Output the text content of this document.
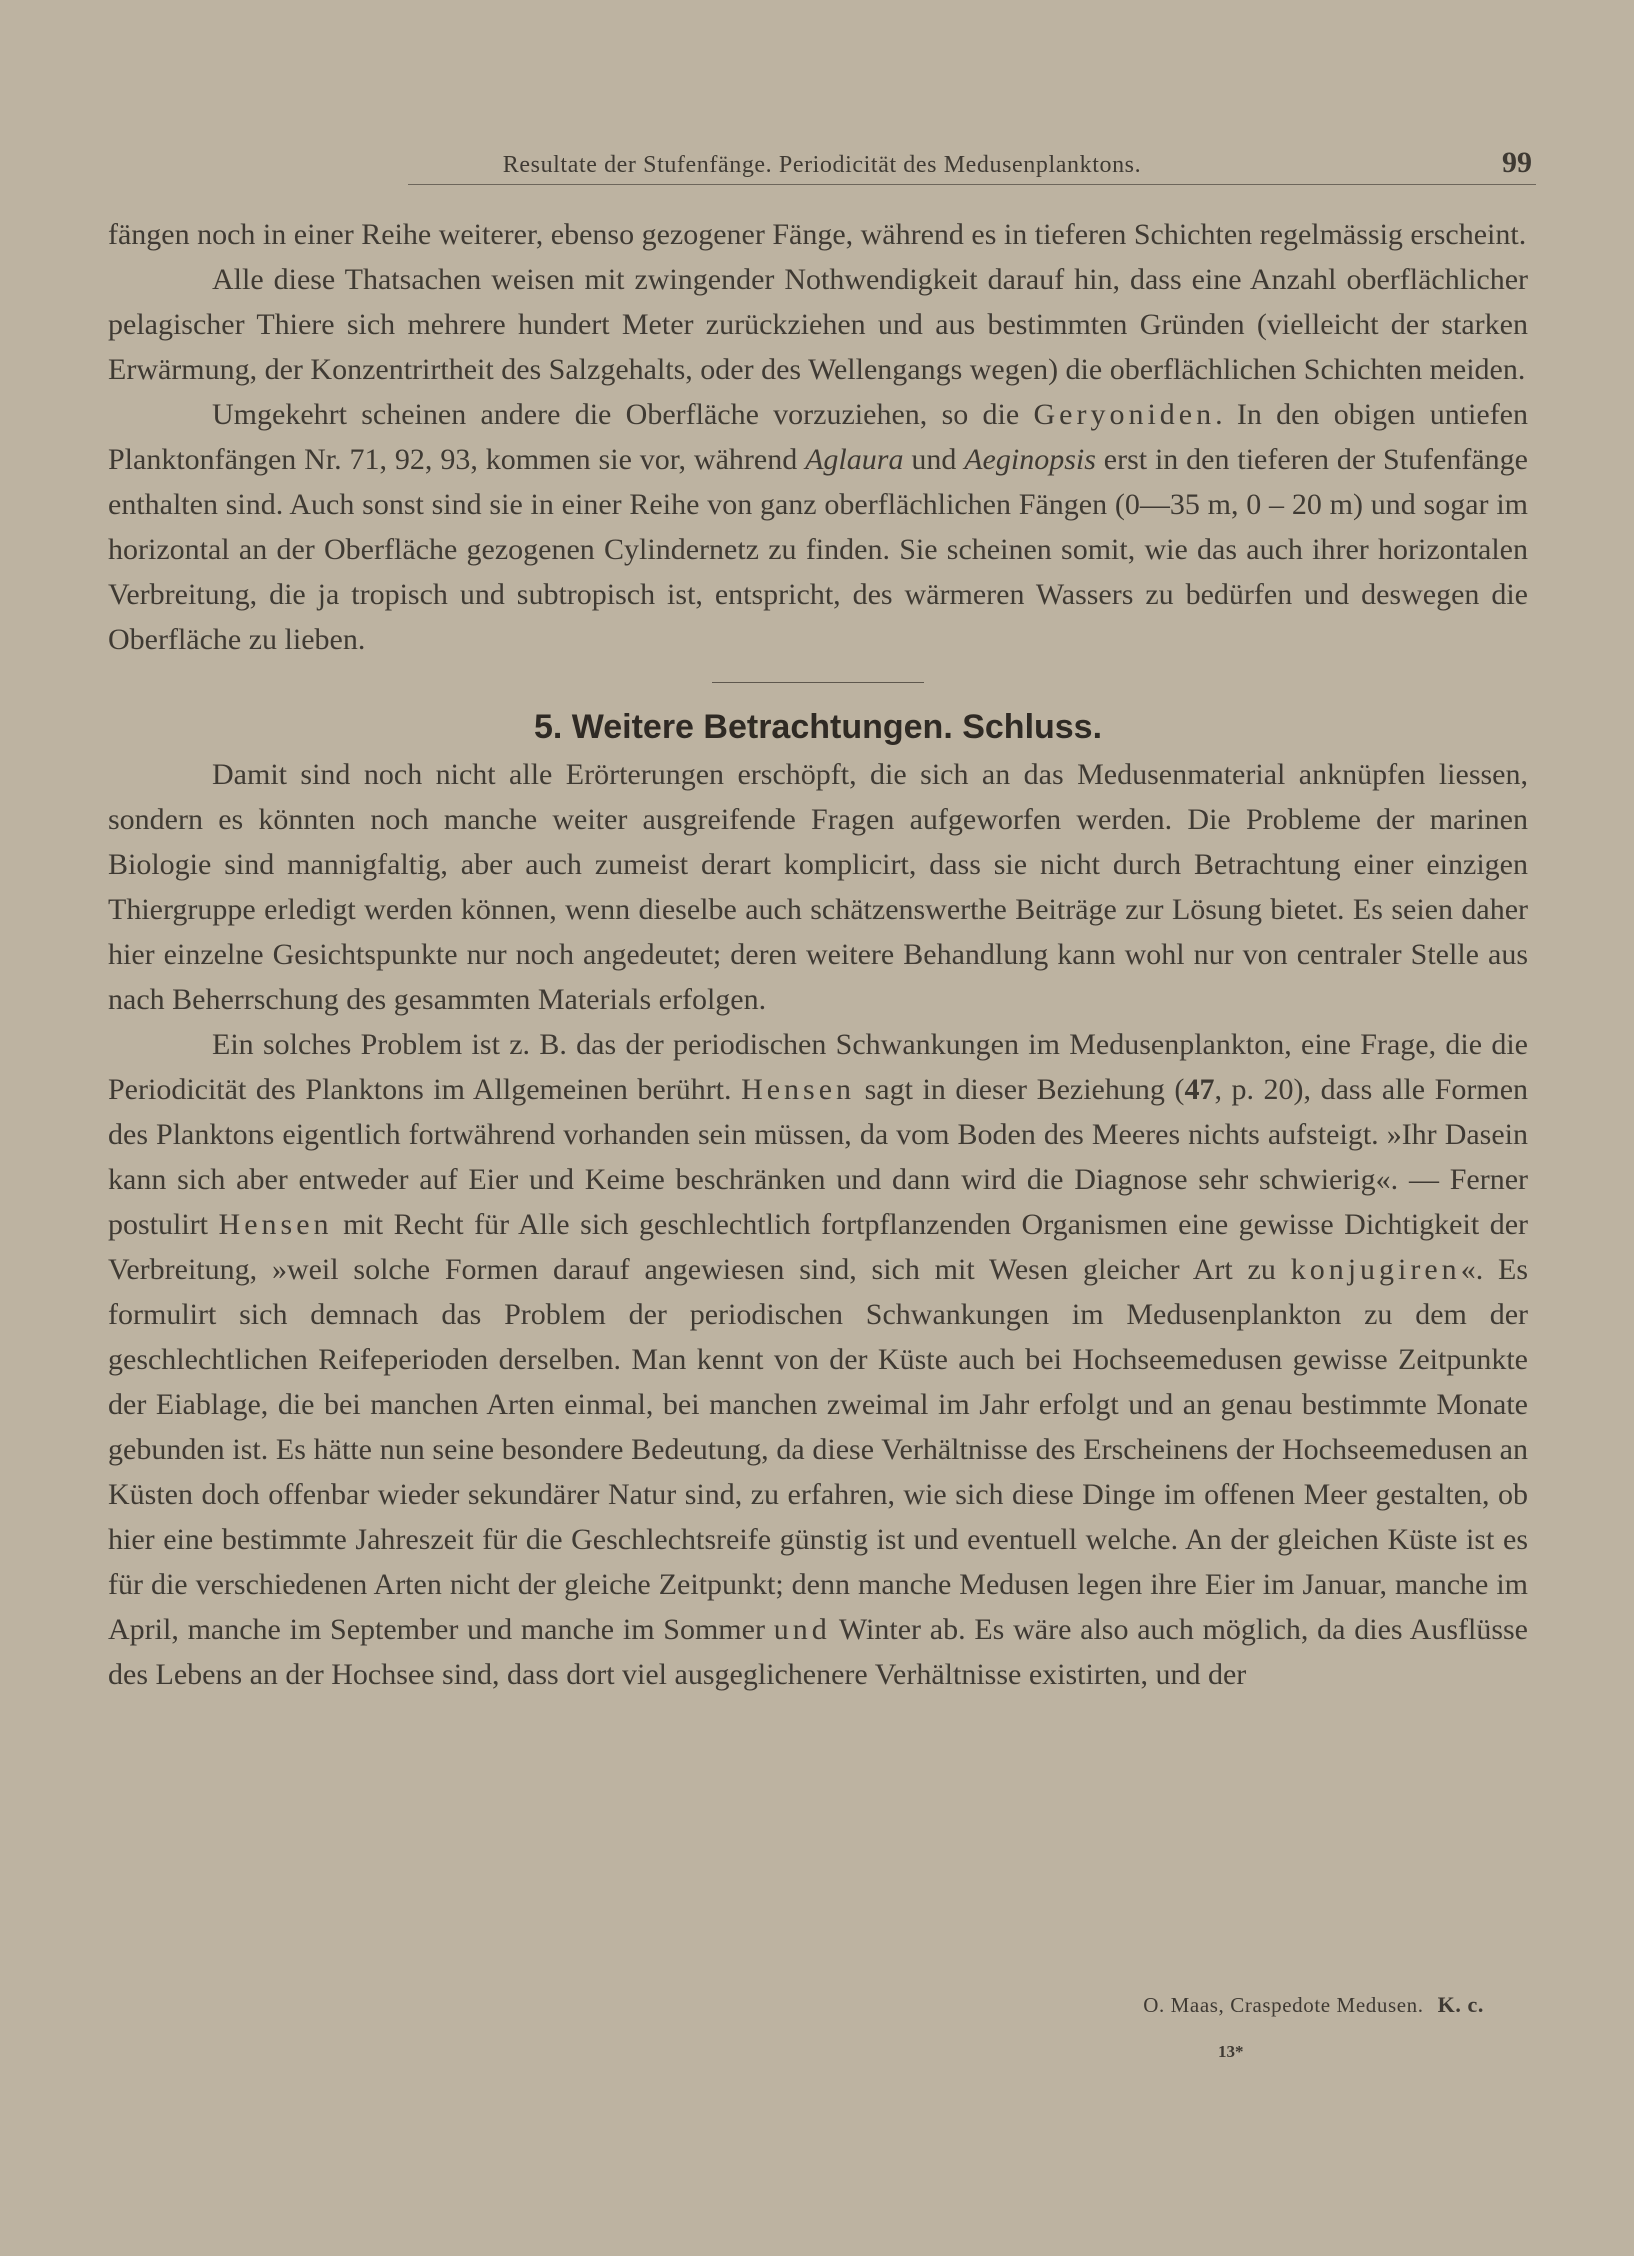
Resultate der Stufenfänge. Periodicität des Medusenplanktons.	99

fängen noch in einer Reihe weiterer, ebenso gezogener Fänge, während es in tieferen Schichten regelmässig erscheint.

Alle diese Thatsachen weisen mit zwingender Nothwendigkeit darauf hin, dass eine Anzahl oberflächlicher pelagischer Thiere sich mehrere hundert Meter zurückziehen und aus bestimmten Gründen (vielleicht der starken Erwärmung, der Konzentrirtheit des Salzgehalts, oder des Wellengangs wegen) die oberflächlichen Schichten meiden.

Umgekehrt scheinen andere die Oberfläche vorzuziehen, so die Geryoniden. In den obigen untiefen Planktonfängen Nr. 71, 92, 93, kommen sie vor, während Aglaura und Aeginopsis erst in den tieferen der Stufenfänge enthalten sind. Auch sonst sind sie in einer Reihe von ganz oberflächlichen Fängen (0—35 m, 0 – 20 m) und sogar im horizontal an der Oberfläche gezogenen Cylindernetz zu finden. Sie scheinen somit, wie das auch ihrer horizontalen Verbreitung, die ja tropisch und subtropisch ist, entspricht, des wärmeren Wassers zu bedürfen und deswegen die Oberfläche zu lieben.

5. Weitere Betrachtungen. Schluss.

Damit sind noch nicht alle Erörterungen erschöpft, die sich an das Medusenmaterial anknüpfen liessen, sondern es könnten noch manche weiter ausgreifende Fragen aufgeworfen werden. Die Probleme der marinen Biologie sind mannigfaltig, aber auch zumeist derart komplicirt, dass sie nicht durch Betrachtung einer einzigen Thiergruppe erledigt werden können, wenn dieselbe auch schätzenswerthe Beiträge zur Lösung bietet. Es seien daher hier einzelne Gesichtspunkte nur noch angedeutet; deren weitere Behandlung kann wohl nur von centraler Stelle aus nach Beherrschung des gesammten Materials erfolgen.

Ein solches Problem ist z. B. das der periodischen Schwankungen im Medusenplankton, eine Frage, die die Periodicität des Planktons im Allgemeinen berührt. Hensen sagt in dieser Beziehung (47, p. 20), dass alle Formen des Planktons eigentlich fortwährend vorhanden sein müssen, da vom Boden des Meeres nichts aufsteigt. »Ihr Dasein kann sich aber entweder auf Eier und Keime beschränken und dann wird die Diagnose sehr schwierig«. — Ferner postulirt Hensen mit Recht für Alle sich geschlechtlich fortpflanzenden Organismen eine gewisse Dichtigkeit der Verbreitung, »weil solche Formen darauf angewiesen sind, sich mit Wesen gleicher Art zu konjugiren«. Es formulirt sich demnach das Problem der periodischen Schwankungen im Medusenplankton zu dem der geschlechtlichen Reifeperioden derselben. Man kennt von der Küste auch bei Hochseemedusen gewisse Zeitpunkte der Eiablage, die bei manchen Arten einmal, bei manchen zweimal im Jahr erfolgt und an genau bestimmte Monate gebunden ist. Es hätte nun seine besondere Bedeutung, da diese Verhältnisse des Erscheinens der Hochseemedusen an Küsten doch offenbar wieder sekundärer Natur sind, zu erfahren, wie sich diese Dinge im offenen Meer gestalten, ob hier eine bestimmte Jahreszeit für die Geschlechtsreife günstig ist und eventuell welche. An der gleichen Küste ist es für die verschiedenen Arten nicht der gleiche Zeitpunkt; denn manche Medusen legen ihre Eier im Januar, manche im April, manche im September und manche im Sommer und Winter ab. Es wäre also auch möglich, da dies Ausflüsse des Lebens an der Hochsee sind, dass dort viel ausgeglichenere Verhältnisse existirten, und der

O. Maas, Craspedote Medusen. K. c.
13*
